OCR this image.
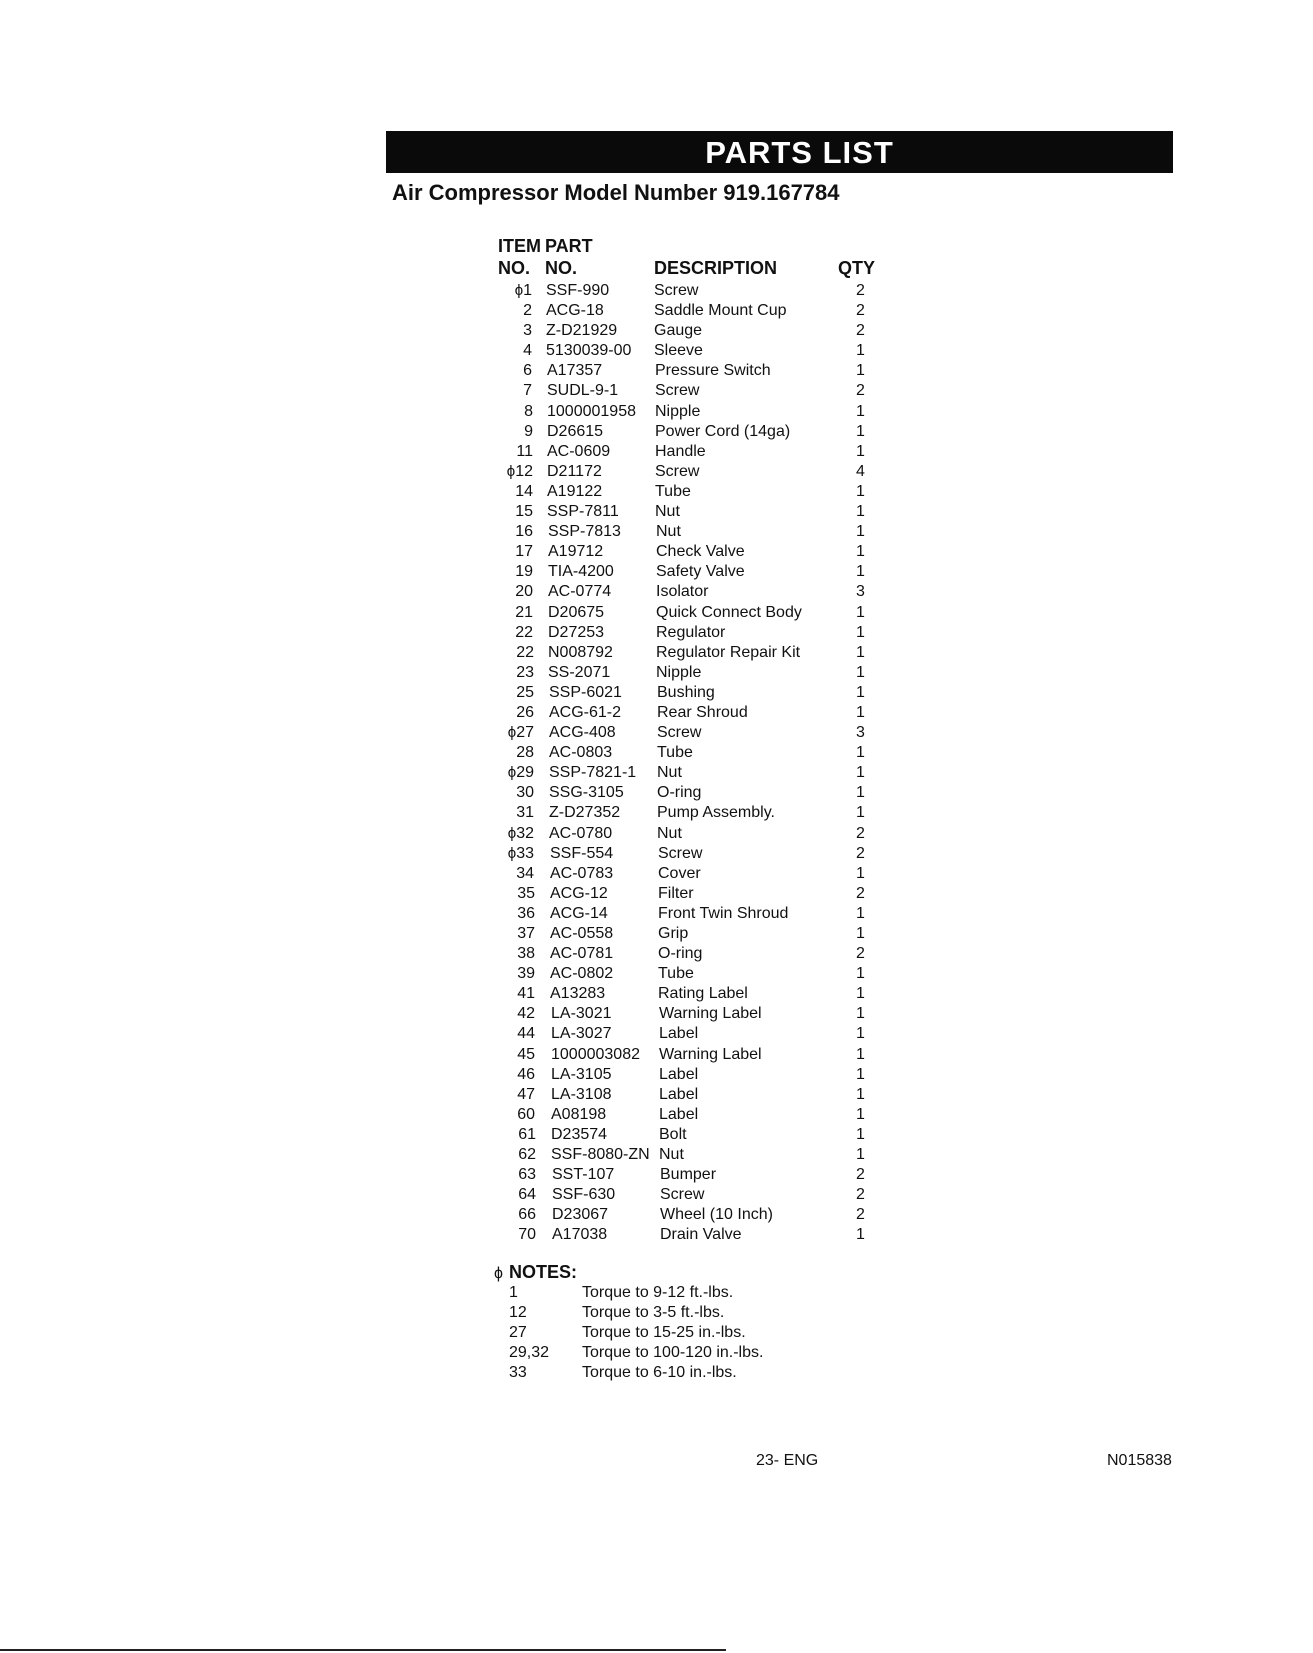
PARTS LIST
Air Compressor Model Number 919.167784
ITEM
NO.
PART
NO.	DESCRIPTION	QTY
ϕ1 SSF-990	Screw	2
2 ACG-18	Saddle Mount Cup	2
3 Z-D21929 Gauge	2
4 5130039-00 Sleeve	1
6 A17357	Pressure Switch	1
7 SUDL-9-1 Screw	2
8 1000001958 Nipple	1
9 D26615	Power Cord (14ga)	1
11 AC-0609	Handle	1
ϕ12 D21172	Screw	4
14 A19122	Tube	1
15 SSP-7811 Nut	1
16 SSP-7813 Nut	1
17 A19712	Check Valve	1
19 TIA-4200	Safety Valve	1
20 AC-0774	Isolator	3
21 D20675	Quick Connect Body	1
22 D27253	Regulator	1
22 N008792	Regulator Repair Kit	1
23 SS-2071	Nipple	1
25 SSP-6021 Bushing	1
26 ACG-61-2 Rear Shroud	1
ϕ27 ACG-408	Screw	3
28 AC-0803	Tube	1
ϕ29 SSP-7821-1 Nut	1
30 SSG-3105 O-ring	1
31 Z-D27352 Pump Assembly.	1
ϕ32 AC-0780	Nut	2
ϕ33 SSF-554	Screw	2
34 AC-0783	Cover	1
35 ACG-12	Filter	2
36 ACG-14	Front Twin Shroud	1
37 AC-0558	Grip	1
38 AC-0781	O-ring	2
39 AC-0802	Tube	1
41 A13283	Rating Label	1
42 LA-3021	Warning Label	1
44 LA-3027	Label	1
45 1000003082 Warning Label	1
46 LA-3105	Label	1
47 LA-3108	Label	1
60 A08198	Label	1
61 D23574	Bolt	1
62 SSF-8080-ZN Nut	1
63 SST-107	Bumper	2
64 SSF-630	Screw	2
66 D23067	Wheel (10 Inch)	2
70 A17038	Drain Valve	1
ϕ NOTES:
1	Torque to 9-12 ft.-lbs.
12	Torque to 3-5 ft.-lbs.
27	Torque to 15-25 in.-lbs.
29,32 Torque to 100-120 in.-lbs.
33	Torque to 6-10 in.-lbs.
23- ENG	N015838
